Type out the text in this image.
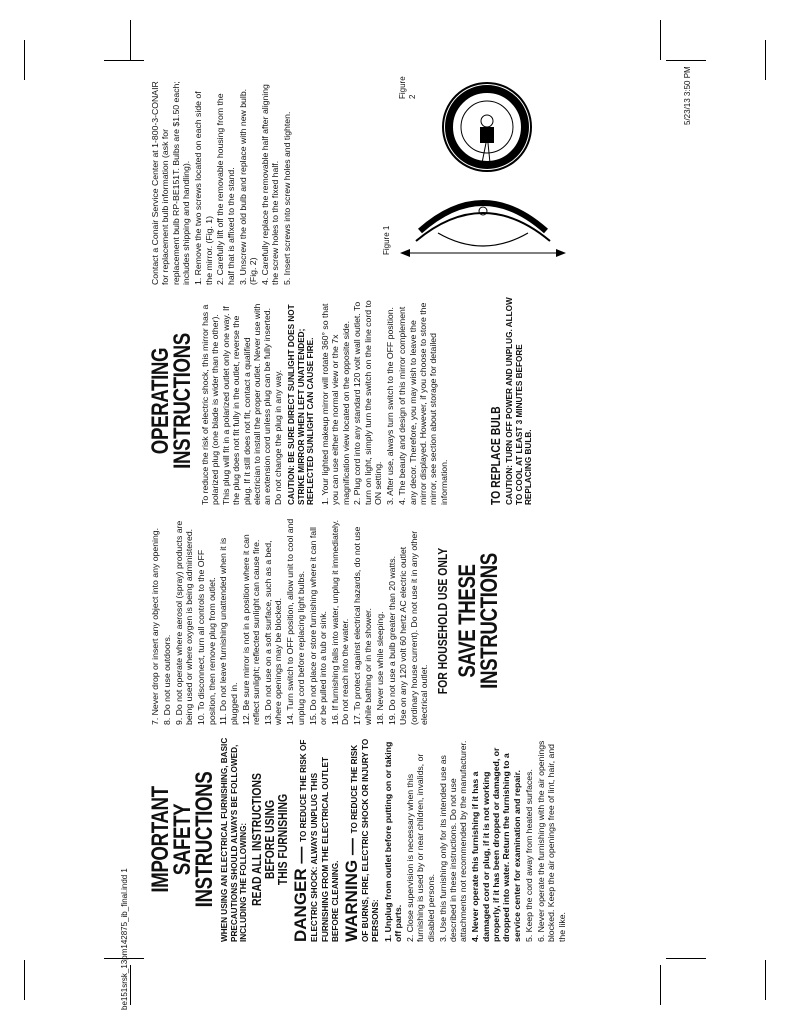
be151srsk_13pm142875_ib_final.indd 1
5/23/13 3:50 PM
IMPORTANT SAFETY
INSTRUCTIONS WHEN USING AN ELECTRICAL FURNISHING, BASIC PRECAUTIONS SHOULD ALWAYS BE FOLLOWED, INCLUDING THE FOLLOWING: READ ALL INSTRUCTIONS
BEFORE USING
THIS FURNISHING

DANGER — TO REDUCE THE RISK OF ELECTRIC SHOCK: ALWAYS UNPLUG THIS FURNISHING FROM THE ELECTRICAL OUTLET BEFORE CLEANING. WARNING — TO REDUCE THE RISK OF BURNS, FIRE, ELECTRIC SHOCK OR INJURY TO PERSONS: 1. Unplug from outlet before putting on or taking off parts. 2. Close supervision is necessary when this furnishing is used by or near children, invalids, or disabled persons. 3. Use this furnishing only for its intended use as described in these instructions. Do not use attachments not recommended by the manufacturer. 4. Never operate this furnishing if it has a damaged cord or plug, if it is not working properly, if it has been dropped or damaged, or dropped into water. Return the furnishing to a service center for examination and repair. 5. Keep the cord away from heated surfaces. 6. Never operate the furnishing with the air openings blocked. Keep the air openings free of lint, hair, and the like.

7. Never drop or insert any object into any opening. 8. Do not use outdoors. 9. Do not operate where aerosol (spray) products are being used or where oxygen is being administered. 10. To disconnect, turn all controls to the OFF position, then remove plug from outlet. 11. Do not leave furnishing unattended when it is plugged in. 12. Be sure mirror is not in a position where it can reflect sunlight; reflected sunlight can cause fire. 13. Do not use on a soft surface, such as a bed, where openings may be blocked. 14. Turn switch to OFF position, allow unit to cool and unplug cord before replacing light bulbs. 15. Do not place or store furnishing where it can fall or be pulled into a tub or sink. 16. If furnishing falls into water, unplug it immediately. Do not reach into the water. 17. To protect against electrical hazards, do not use while bathing or in the shower. 18. Never use while sleeping. 19. Do not use a bulb greater than 20 watts. Use on any 120 volt 60 hertz AC electric outlet (ordinary house current). Do not use it in any other electrical outlet.

FOR HOUSEHOLD USE ONLY SAVE THESE
INSTRUCTIONS
OPERATING
INSTRUCTIONS To reduce the risk of electric shock, this mirror has a polarized plug (one blade is wider than the other). This plug will fit in a polarized outlet only one way. If the plug does not fit fully in the outlet, reverse the plug. If it still does not fit, contact a qualified electrician to install the proper outlet. Never use with an extension cord unless plug can be fully inserted. Do not change the plug in any way. CAUTION: BE SURE DIRECT SUNLIGHT DOES NOT STRIKE MIRROR WHEN LEFT UNATTENDED; REFLECTED SUNLIGHT CAN CAUSE FIRE. 1. Your lighted makeup mirror will rotate 360° so that you can use either the normal view or the 7x magnification view located on the opposite side. 2. Plug cord into any standard 120 volt wall outlet. To turn on light, simply turn the switch on the line cord to ON setting. 3. After use, always turn switch to the OFF position. 4. The beauty and design of this mirror complement any decor. Therefore, you may wish to leave the mirror displayed. However, if you choose to store the mirror, see section about storage for detailed information.	TO REPLACE BULB CAUTION: TURN OFF POWER AND UNPLUG. ALLOW TO COOL AT LEAST 3 MINUTES BEFORE REPLACING BULB.

Contact a Conair Service Center at 1-800-3-CONAIR for replacement bulb information (ask for replacement bulb RP-BE151T. Bulbs are $1.50 each; includes shipping and handling). 1. Remove the two screws located on each side of the mirror. (Fig. 1) 2. Carefully lift off the removable housing from the half that is affixed to the stand. 3. Unscrew the old bulb and replace with new bulb. (Fig. 2) 4. Carefully replace the removable half after aligning the screw holes to the fixed half. 5. Insert screws into screw holes and tighten.	Figure 1
Figure 2
